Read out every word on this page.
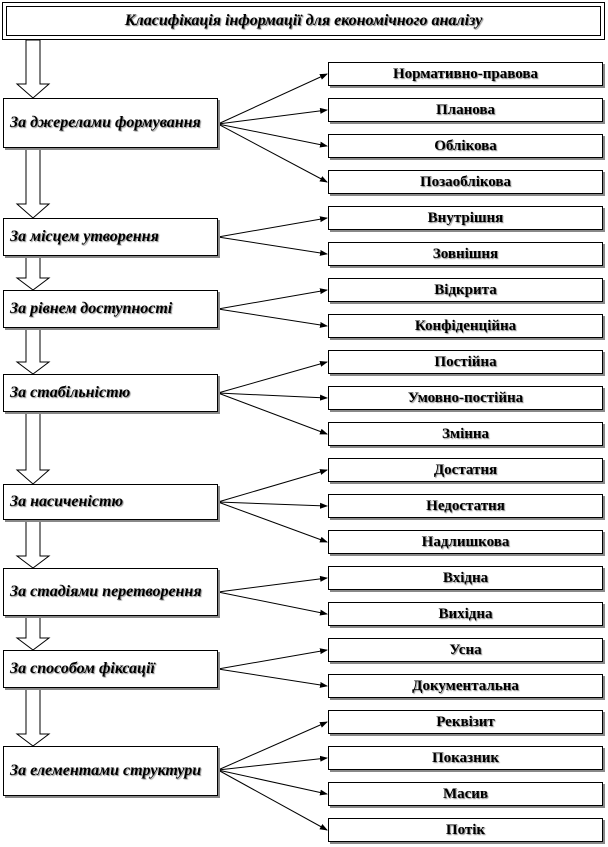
Класифікація інформації для економічного аналізу
За джерелами формування
За місцем утворення
За рівнем доступності
За стабільністю
За насиченістю
За стадіями перетворення
За способом фіксації
За елементами структури
Нормативно-правова
Планова
Облікова
Позаоблікова
Внутрішня
Зовнішня
Відкрита
Конфіденційна
Постійна
Умовно-постійна
Змінна
Достатня
Недостатня
Надлишкова
Вхідна
Вихідна
Усна
Документальна
Реквізит
Показник
Масив
Потік
